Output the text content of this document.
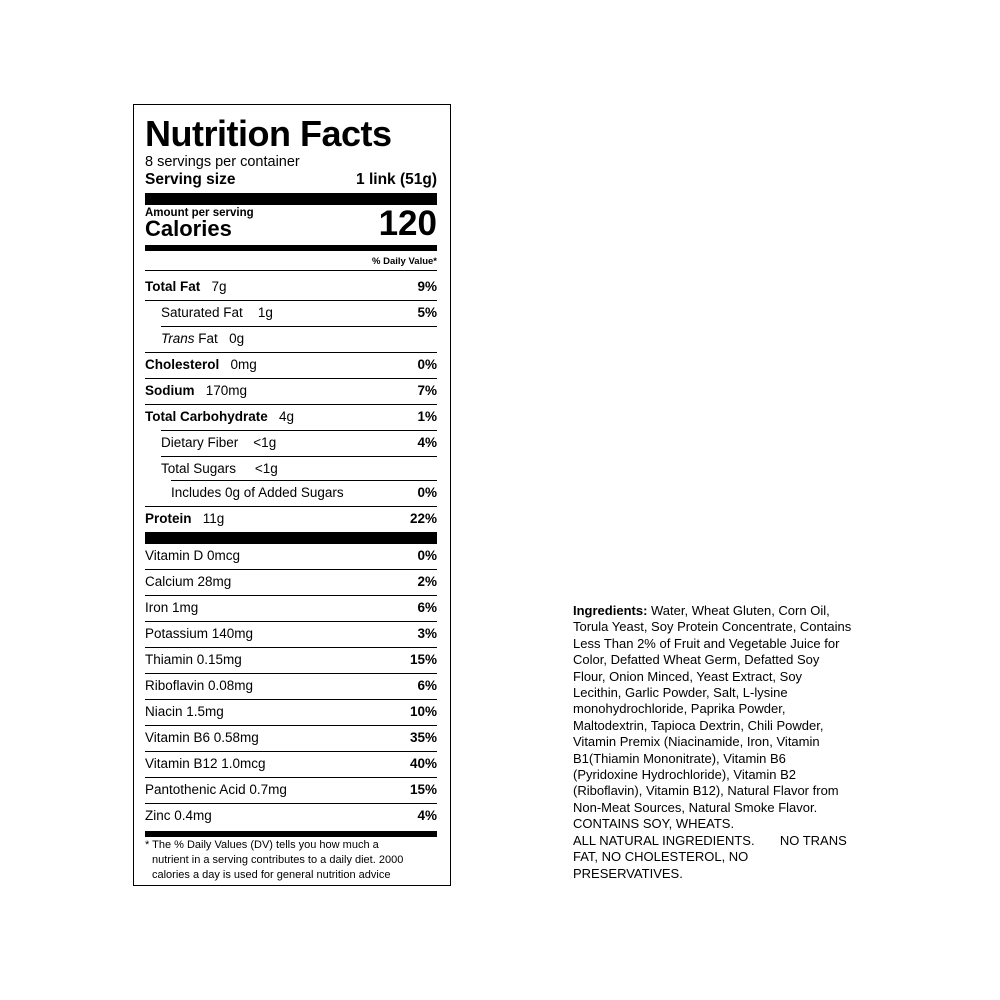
Nutrition Facts
8 servings per container
Serving size	1 link (51g)
Amount per serving
Calories	120
% Daily Value*
Total Fat 7g	9%
Saturated Fat 1g	5%
Trans Fat 0g
Cholesterol 0mg	0%
Sodium 170mg	7%
Total Carbohydrate 4g	1%
Dietary Fiber <1g	4%
Total Sugars <1g
Includes 0g of Added Sugars	0%
Protein 11g	22%
Vitamin D 0mcg	0%
Calcium 28mg	2%
Iron 1mg	6%
Potassium 140mg	3%
Thiamin 0.15mg	15%
Riboflavin 0.08mg	6%
Niacin 1.5mg	10%
Vitamin B6 0.58mg	35%
Vitamin B12 1.0mcg	40%
Pantothenic Acid 0.7mg	15%
Zinc 0.4mg	4%
* The % Daily Values (DV) tells you how much a
nutrient in a serving contributes to a daily diet. 2000
calories a day is used for general nutrition advice
Ingredients: Water, Wheat Gluten, Corn Oil,
Torula Yeast, Soy Protein Concentrate, Contains
Less Than 2% of Fruit and Vegetable Juice for
Color, Defatted Wheat Germ, Defatted Soy
Flour, Onion Minced, Yeast Extract, Soy
Lecithin, Garlic Powder, Salt, L-lysine
monohydrochloride, Paprika Powder,
Maltodextrin, Tapioca Dextrin, Chili Powder,
Vitamin Premix (Niacinamide, Iron, Vitamin
B1(Thiamin Mononitrate), Vitamin B6
(Pyridoxine Hydrochloride), Vitamin B2
(Riboflavin), Vitamin B12), Natural Flavor from
Non-Meat Sources, Natural Smoke Flavor.
CONTAINS SOY, WHEATS.
ALL NATURAL INGREDIENTS.       NO TRANS
FAT, NO CHOLESTEROL, NO
PRESERVATIVES.
